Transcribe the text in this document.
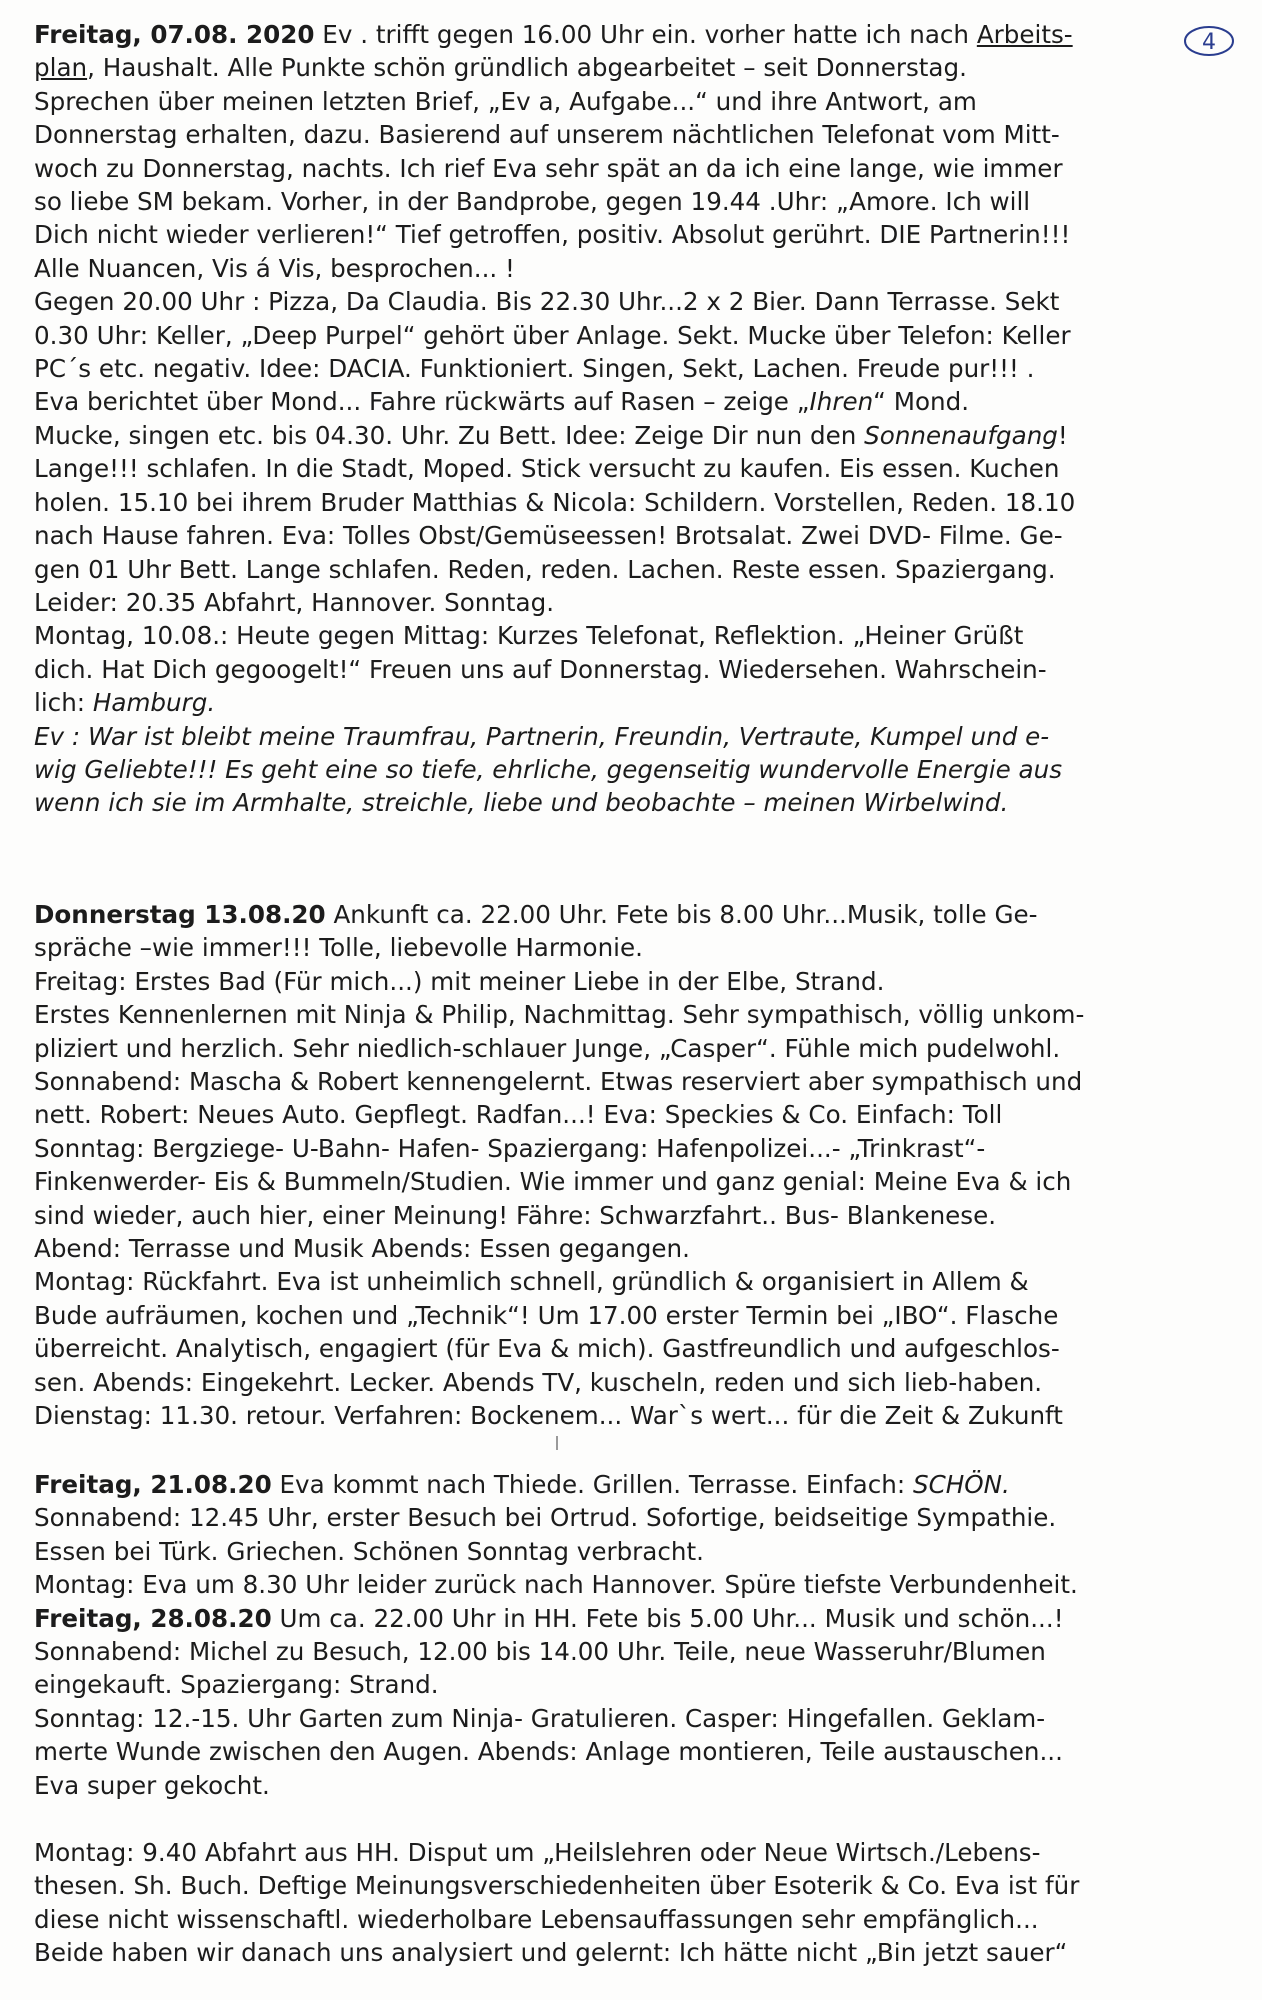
4
Freitag, 07.08. 2020 Ev . trifft gegen 16.00 Uhr ein. vorher hatte ich nach Arbeits-
plan, Haushalt. Alle Punkte schön gründlich abgearbeitet – seit Donnerstag.
Sprechen über meinen letzten Brief, „Ev a, Aufgabe...“ und ihre Antwort, am
Donnerstag erhalten, dazu. Basierend auf unserem nächtlichen Telefonat vom Mitt-
woch zu Donnerstag, nachts. Ich rief Eva sehr spät an da ich eine lange, wie immer
so liebe SM bekam. Vorher, in der Bandprobe, gegen 19.44 .Uhr: „Amore. Ich will
Dich nicht wieder verlieren!“ Tief getroffen, positiv. Absolut gerührt. DIE Partnerin!!!
Alle Nuancen, Vis á Vis, besprochen... !
Gegen 20.00 Uhr : Pizza, Da Claudia. Bis 22.30 Uhr...2 x 2 Bier. Dann Terrasse. Sekt
0.30 Uhr: Keller, „Deep Purpel“ gehört über Anlage. Sekt. Mucke über Telefon: Keller
PC´s etc. negativ. Idee: DACIA. Funktioniert. Singen, Sekt, Lachen. Freude pur!!! .
Eva berichtet über Mond... Fahre rückwärts auf Rasen – zeige „Ihren“ Mond.
Mucke, singen etc. bis 04.30. Uhr. Zu Bett. Idee: Zeige Dir nun den Sonnenaufgang!
Lange!!! schlafen. In die Stadt, Moped. Stick versucht zu kaufen. Eis essen. Kuchen
holen. 15.10 bei ihrem Bruder Matthias & Nicola: Schildern. Vorstellen, Reden. 18.10
nach Hause fahren. Eva: Tolles Obst/Gemüseessen! Brotsalat. Zwei DVD- Filme. Ge-
gen 01 Uhr Bett. Lange schlafen. Reden, reden. Lachen. Reste essen. Spaziergang.
Leider: 20.35 Abfahrt, Hannover. Sonntag.
Montag, 10.08.: Heute gegen Mittag: Kurzes Telefonat, Reflektion. „Heiner Grüßt
dich. Hat Dich gegoogelt!“ Freuen uns auf Donnerstag. Wiedersehen. Wahrschein-
lich: Hamburg.
Ev : War ist bleibt meine Traumfrau, Partnerin, Freundin, Vertraute, Kumpel und e-
wig Geliebte!!! Es geht eine so tiefe, ehrliche, gegenseitig wundervolle Energie aus
wenn ich sie im Armhalte, streichle, liebe und beobachte – meinen Wirbelwind.
Donnerstag 13.08.20 Ankunft ca. 22.00 Uhr. Fete bis 8.00 Uhr...Musik, tolle Ge-
spräche –wie immer!!! Tolle, liebevolle Harmonie.
Freitag: Erstes Bad (Für mich...) mit meiner Liebe in der Elbe, Strand.
Erstes Kennenlernen mit Ninja & Philip, Nachmittag. Sehr sympathisch, völlig unkom-
pliziert und herzlich. Sehr niedlich-schlauer Junge, „Casper“. Fühle mich pudelwohl.
Sonnabend: Mascha & Robert kennengelernt. Etwas reserviert aber sympathisch und
nett. Robert: Neues Auto. Gepflegt. Radfan...! Eva: Speckies & Co. Einfach: Toll
Sonntag: Bergziege- U-Bahn- Hafen- Spaziergang: Hafenpolizei...- „Trinkrast“-
Finkenwerder- Eis & Bummeln/Studien. Wie immer und ganz genial: Meine Eva & ich
sind wieder, auch hier, einer Meinung! Fähre: Schwarzfahrt.. Bus- Blankenese.
Abend: Terrasse und Musik Abends: Essen gegangen.
Montag: Rückfahrt. Eva ist unheimlich schnell, gründlich & organisiert in Allem &
Bude aufräumen, kochen und „Technik“! Um 17.00 erster Termin bei „IBO“. Flasche
überreicht. Analytisch, engagiert (für Eva & mich). Gastfreundlich und aufgeschlos-
sen. Abends: Eingekehrt. Lecker. Abends TV, kuscheln, reden und sich lieb-haben.
Dienstag: 11.30. retour. Verfahren: Bockenem... War`s wert... für die Zeit & Zukunft
Freitag, 21.08.20 Eva kommt nach Thiede. Grillen. Terrasse. Einfach: SCHÖN.
Sonnabend: 12.45 Uhr, erster Besuch bei Ortrud. Sofortige, beidseitige Sympathie.
Essen bei Türk. Griechen. Schönen Sonntag verbracht.
Montag: Eva um 8.30 Uhr leider zurück nach Hannover. Spüre tiefste Verbundenheit.
Freitag, 28.08.20 Um ca. 22.00 Uhr in HH. Fete bis 5.00 Uhr... Musik und schön...!
Sonnabend: Michel zu Besuch, 12.00 bis 14.00 Uhr. Teile, neue Wasseruhr/Blumen
eingekauft. Spaziergang: Strand.
Sonntag: 12.-15. Uhr Garten zum Ninja- Gratulieren. Casper: Hingefallen. Geklam-
merte Wunde zwischen den Augen. Abends: Anlage montieren, Teile austauschen...
Eva super gekocht.
Montag: 9.40 Abfahrt aus HH. Disput um „Heilslehren oder Neue Wirtsch./Lebens-
thesen. Sh. Buch. Deftige Meinungsverschiedenheiten über Esoterik & Co. Eva ist für
diese nicht wissenschaftl. wiederholbare Lebensauffassungen sehr empfänglich...
Beide haben wir danach uns analysiert und gelernt: Ich hätte nicht „Bin jetzt sauer“
